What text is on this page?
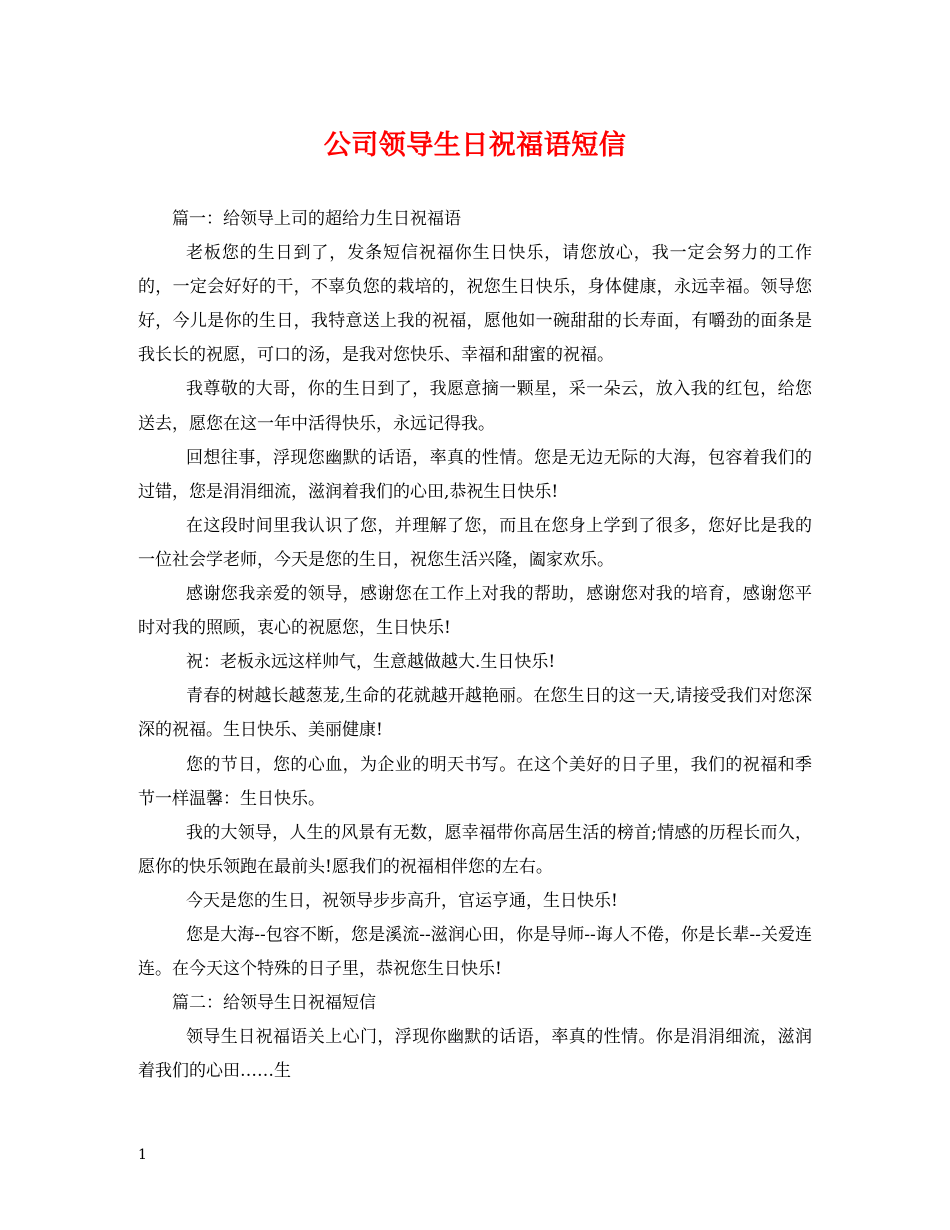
公司领导生日祝福语短信

篇一：给领导上司的超给力生日祝福语

老板您的生日到了，发条短信祝福你生日快乐，请您放心，我一定会努力的工作的，一定会好好的干，不辜负您的栽培的，祝您生日快乐，身体健康，永远幸福。领导您好，今儿是你的生日，我特意送上我的祝福，愿他如一碗甜甜的长寿面，有嚼劲的面条是我长长的祝愿，可口的汤，是我对您快乐、幸福和甜蜜的祝福。

我尊敬的大哥，你的生日到了，我愿意摘一颗星，采一朵云，放入我的红包，给您送去，愿您在这一年中活得快乐，永远记得我。

回想往事，浮现您幽默的话语，率真的性情。您是无边无际的大海，包容着我们的过错，您是涓涓细流，滋润着我们的心田,恭祝生日快乐!

在这段时间里我认识了您，并理解了您，而且在您身上学到了很多，您好比是我的一位社会学老师，今天是您的生日，祝您生活兴隆，阖家欢乐。

感谢您我亲爱的领导，感谢您在工作上对我的帮助，感谢您对我的培育，感谢您平时对我的照顾，衷心的祝愿您，生日快乐!

祝：老板永远这样帅气，生意越做越大.生日快乐!

青春的树越长越葱茏,生命的花就越开越艳丽。在您生日的这一天,请接受我们对您深深的祝福。生日快乐、美丽健康!

您的节日，您的心血，为企业的明天书写。在这个美好的日子里，我们的祝福和季节一样温馨：生日快乐。

我的大领导，人生的风景有无数，愿幸福带你高居生活的榜首;情感的历程长而久，愿你的快乐领跑在最前头!愿我们的祝福相伴您的左右。

今天是您的生日，祝领导步步高升，官运亨通，生日快乐!

您是大海--包容不断，您是溪流--滋润心田，你是导师--诲人不倦，你是长辈--关爱连连。在今天这个特殊的日子里，恭祝您生日快乐!

篇二：给领导生日祝福短信

领导生日祝福语关上心门，浮现你幽默的话语，率真的性情。你是涓涓细流，滋润着我们的心田……生

1
